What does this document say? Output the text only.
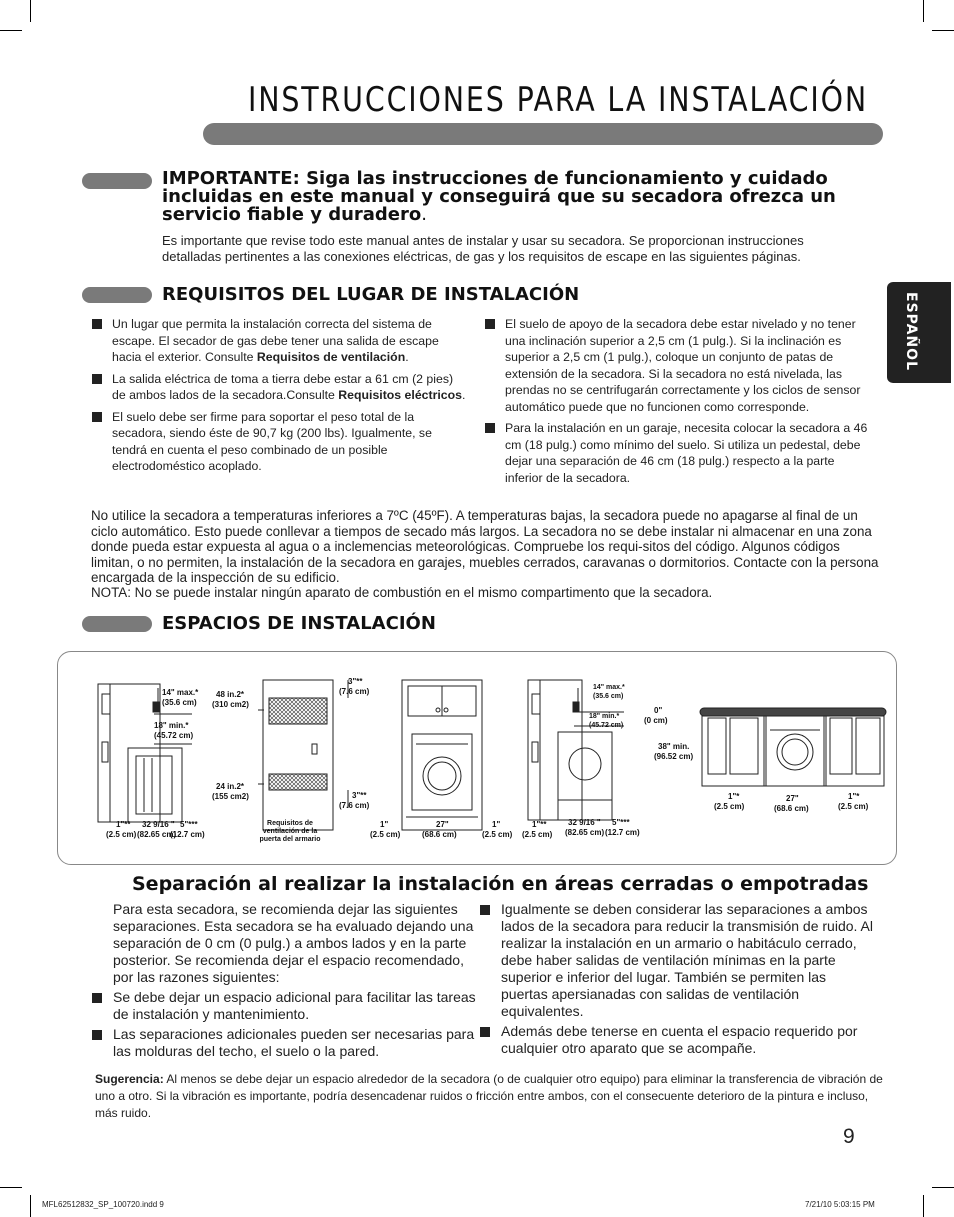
INSTRUCCIONES PARA LA INSTALACIÓN
ESPAÑOL
IMPORTANTE: Siga las instrucciones de funcionamiento y cuidado incluidas en este manual y conseguirá que su secadora ofrezca un servicio fiable y duradero.
Es importante que revise todo este manual antes de instalar y usar su secadora. Se proporcionan instrucciones detalladas pertinentes a las conexiones eléctricas, de gas y los requisitos de escape en las siguientes páginas.
REQUISITOS DEL LUGAR DE INSTALACIÓN

Un lugar que permita la instalación correcta del sistema de escape. El secador de gas debe tener una salida de escape hacia el exterior. Consulte Requisitos de ventilación.

La salida eléctrica de toma a tierra debe estar a 61 cm (2 pies) de ambos lados de la secadora.Consulte Requisitos eléctricos.

El suelo debe ser firme para soportar el peso total de la secadora, siendo éste de 90,7 kg (200 lbs). Igualmente, se tendrá en cuenta el peso combinado de un posible electrodoméstico acoplado.

El suelo de apoyo de la secadora debe estar nivelado y no tener una inclinación superior a 2,5 cm (1 pulg.). Si la inclinación es superior a 2,5 cm (1 pulg.), coloque un conjunto de patas de extensión de la secadora. Si la secadora no está nivelada, las prendas no se centrifugarán correctamente y los ciclos de sensor automático puede que no funcionen como corresponde.

Para la instalación en un garaje, necesita colocar la secadora a 46 cm (18 pulg.) como mínimo del suelo. Si utiliza un pedestal, debe dejar una separación de 46 cm (18 pulg.) respecto a la parte inferior de la secadora.

No utilice la secadora a temperaturas inferiores a 7ºC (45ºF). A temperaturas bajas, la secadora puede no apagarse al final de un ciclo automático. Esto puede conllevar a tiempos de secado más largos. La secadora no se debe instalar ni almacenar en una zona donde pueda estar expuesta al agua o a inclemencias meteorológicas. Compruebe los requi-sitos del código. Algunos códigos limitan, o no permiten, la instalación de la secadora en garajes, muebles cerrados, caravanas o dormitorios. Contacte con la persona encargada de la inspección de su edificio.
NOTA: No se puede instalar ningún aparato de combustión en el mismo compartimento que la secadora.
ESPACIOS DE INSTALACIÓN
14" max.*
(35.6 cm)
18" min.*
(45.72 cm)
1"**
(2.5 cm)
32 9/16 "
(82.65 cm)
5"***
(12.7 cm)
48 in.2*
(310 cm2)
24 in.2*
(155 cm2)
Requisitos de ventilación de la puerta del armario
3"**
(7.6 cm)
3"**
(7.6 cm)
1"
(2.5 cm)
27"
(68.6 cm)
1"
(2.5 cm)
14" max.*
(35.6 cm)
18" min.*
(45.72 cm)
1"**
(2.5 cm)
32 9/16 "
(82.65 cm)
5"***
(12.7 cm)
0"
(0 cm)
38" min.
(96.52 cm)
1"*
(2.5 cm)
27"
(68.6 cm)
1"*
(2.5 cm)
Separación al realizar la instalación en áreas cerradas o empotradas

Para esta secadora, se recomienda dejar las siguientes separaciones. Esta secadora se ha evaluado dejando una separación de 0 cm (0 pulg.) a ambos lados y en la parte posterior. Se recomienda dejar el espacio recomendado, por las razones siguientes:

Se debe dejar un espacio adicional para facilitar las tareas de instalación y mantenimiento.

Las separaciones adicionales pueden ser necesarias para las molduras del techo, el suelo o la pared.

Igualmente se deben considerar las separaciones a ambos lados de la secadora para reducir la transmisión de ruido. Al realizar la instalación en un armario o habitáculo cerrado, debe haber salidas de ventilación mínimas en la parte superior e inferior del lugar. También se permiten las puertas apersianadas con salidas de ventilación equivalentes.

Además debe tenerse en cuenta el espacio requerido por cualquier otro aparato que se acompañe.

Sugerencia: Al menos se debe dejar un espacio alrededor de la secadora (o de cualquier otro equipo) para eliminar la transferencia de vibración de uno a otro. Si la vibración es importante, podría desencadenar ruidos o fricción entre ambos, con el consecuente deterioro de la pintura e incluso, más ruido.
9
MFL62512832_SP_100720.indd 9	7/21/10 5:03:15 PM
